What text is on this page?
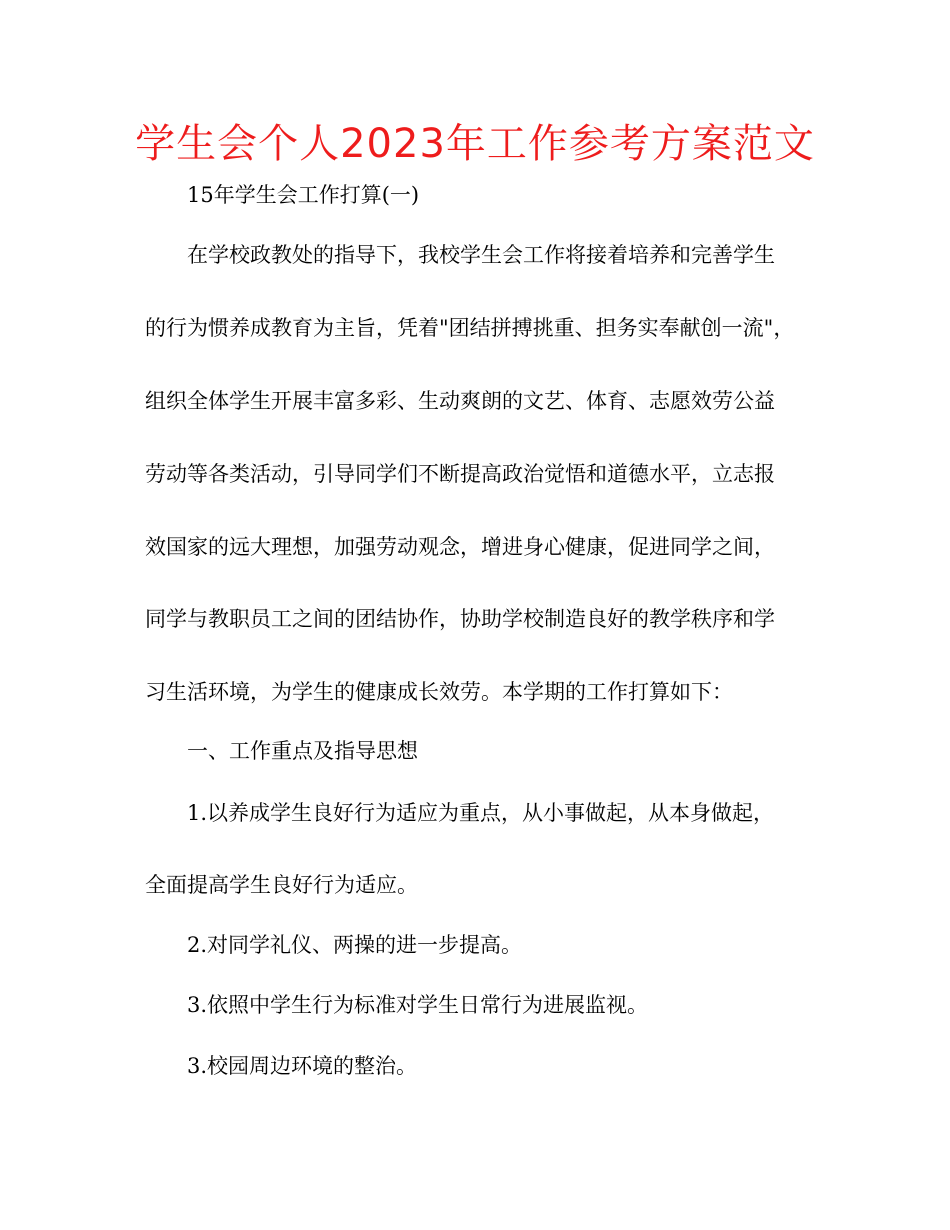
学生会个人2023年工作参考方案范文
15年学生会工作打算(一)
在学校政教处的指导下，我校学生会工作将接着培养和完善学生
的行为惯养成教育为主旨，凭着"团结拼搏挑重、担务实奉献创一流"，
组织全体学生开展丰富多彩、生动爽朗的文艺、体育、志愿效劳公益
劳动等各类活动，引导同学们不断提高政治觉悟和道德水平，立志报
效国家的远大理想，加强劳动观念，增进身心健康，促进同学之间，
同学与教职员工之间的团结协作，协助学校制造良好的教学秩序和学
习生活环境，为学生的健康成长效劳。本学期的工作打算如下：
一、工作重点及指导思想
1.以养成学生良好行为适应为重点，从小事做起，从本身做起，
全面提高学生良好行为适应。
2.对同学礼仪、两操的进一步提高。
3.依照中学生行为标准对学生日常行为进展监视。
3.校园周边环境的整治。
